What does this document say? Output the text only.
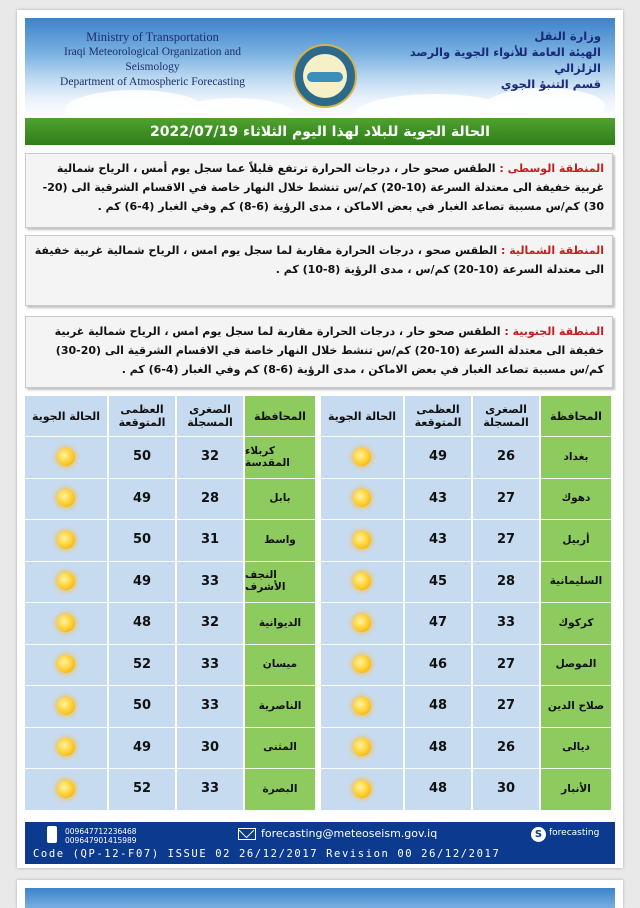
Ministry of Transportation
Iraqi Meteorological Organization and Seismology
Department of Atmospheric Forecasting
وزارة النقل
الهيئة العامة للأنواء الجوية والرصد الزلزالي
قسم التنبؤ الجوي
الحالة الجوية للبلاد لهذا اليوم الثلاثاء 2022/07/19
المنطقة الوسطى : الطقس صحو حار ، درجات الحرارة ترتفع قليلاً عما سجل يوم أمس ، الرياح شمالية غربية خفيفة الى معتدلة السرعة (10-20) كم/س تنشط خلال النهار خاصة في الاقسام الشرقية الى (20-30) كم/س مسببة تصاعد الغبار في بعض الاماكن ، مدى الرؤية (6-8) كم وفي الغبار (4-6) كم .
المنطقة الشمالية : الطقس صحو ، درجات الحرارة مقاربة لما سجل يوم امس ، الرياح شمالية غربية خفيفة الى معتدلة السرعة (10-20) كم/س ، مدى الرؤية (8-10) كم .
المنطقة الجنوبية : الطقس صحو حار ، درجات الحرارة مقاربة لما سجل يوم امس ، الرياح شمالية غربية خفيفة الى معتدلة السرعة (10-20) كم/س تنشط خلال النهار خاصة في الاقسام الشرقية الى (20-30) كم/س مسببة تصاعد الغبار في بعض الاماكن ، مدى الرؤية (6-8) كم وفي الغبار (4-6) كم .
المحافظة
بغداد
دهوك
أربيل
السليمانية
كركوك
الموصل
صلاح الدين
ديالى
الأنبار
الصغرى المسجلة
26
27
27
28
33
27
27
26
30
العظمى المتوقعة
49
43
43
45
47
46
48
48
48
الحالة الجوية
المحافظة
كربلاء المقدسة
بابل
واسط
النجف الأشرف
الديوانية
ميسان
الناصرية
المثنى
البصرة
الصغرى المسجلة
32
28
31
33
32
33
33
30
33
العظمى المتوقعة
50
49
50
49
48
52
50
49
52
الحالة الجوية
009647712236468
009647901415989
forecasting@meteoseism.gov.iq	S forecasting
Code (QP-12-F07) ISSUE 02 26/12/2017 Revision 00 26/12/2017
